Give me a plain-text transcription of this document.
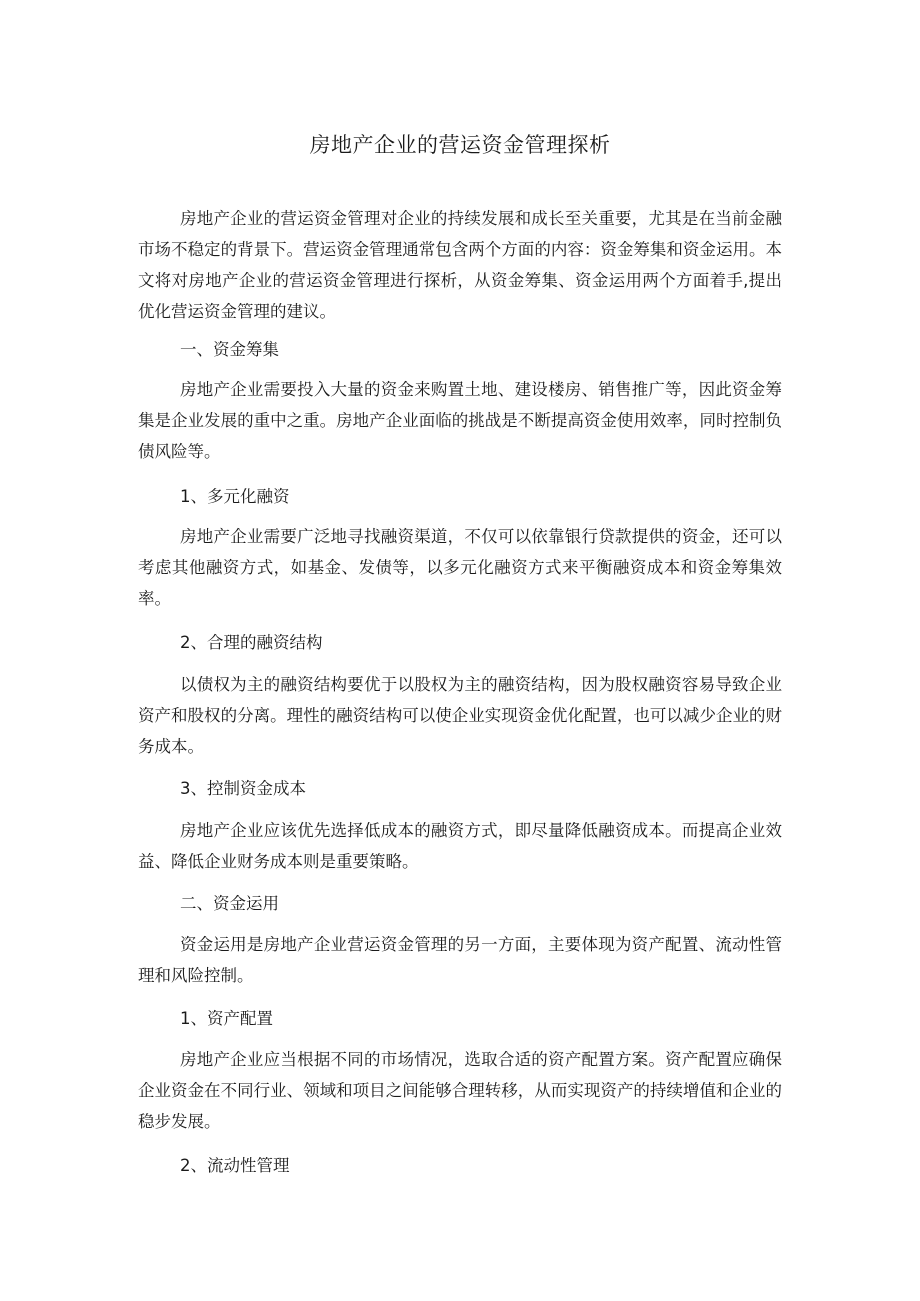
房地产企业的营运资金管理探析

房地产企业的营运资金管理对企业的持续发展和成长至关重要，尤其是在当前金融市场不稳定的背景下。营运资金管理通常包含两个方面的内容：资金筹集和资金运用。本文将对房地产企业的营运资金管理进行探析，从资金筹集、资金运用两个方面着手,提出优化营运资金管理的建议。

一、资金筹集

房地产企业需要投入大量的资金来购置土地、建设楼房、销售推广等，因此资金筹集是企业发展的重中之重。房地产企业面临的挑战是不断提高资金使用效率，同时控制负债风险等。

1、多元化融资

房地产企业需要广泛地寻找融资渠道，不仅可以依靠银行贷款提供的资金，还可以考虑其他融资方式，如基金、发债等，以多元化融资方式来平衡融资成本和资金筹集效率。

2、合理的融资结构

以债权为主的融资结构要优于以股权为主的融资结构，因为股权融资容易导致企业资产和股权的分离。理性的融资结构可以使企业实现资金优化配置，也可以减少企业的财务成本。

3、控制资金成本

房地产企业应该优先选择低成本的融资方式，即尽量降低融资成本。而提高企业效益、降低企业财务成本则是重要策略。

二、资金运用

资金运用是房地产企业营运资金管理的另一方面，主要体现为资产配置、流动性管理和风险控制。

1、资产配置

房地产企业应当根据不同的市场情况，选取合适的资产配置方案。资产配置应确保企业资金在不同行业、领域和项目之间能够合理转移，从而实现资产的持续增值和企业的稳步发展。

2、流动性管理
